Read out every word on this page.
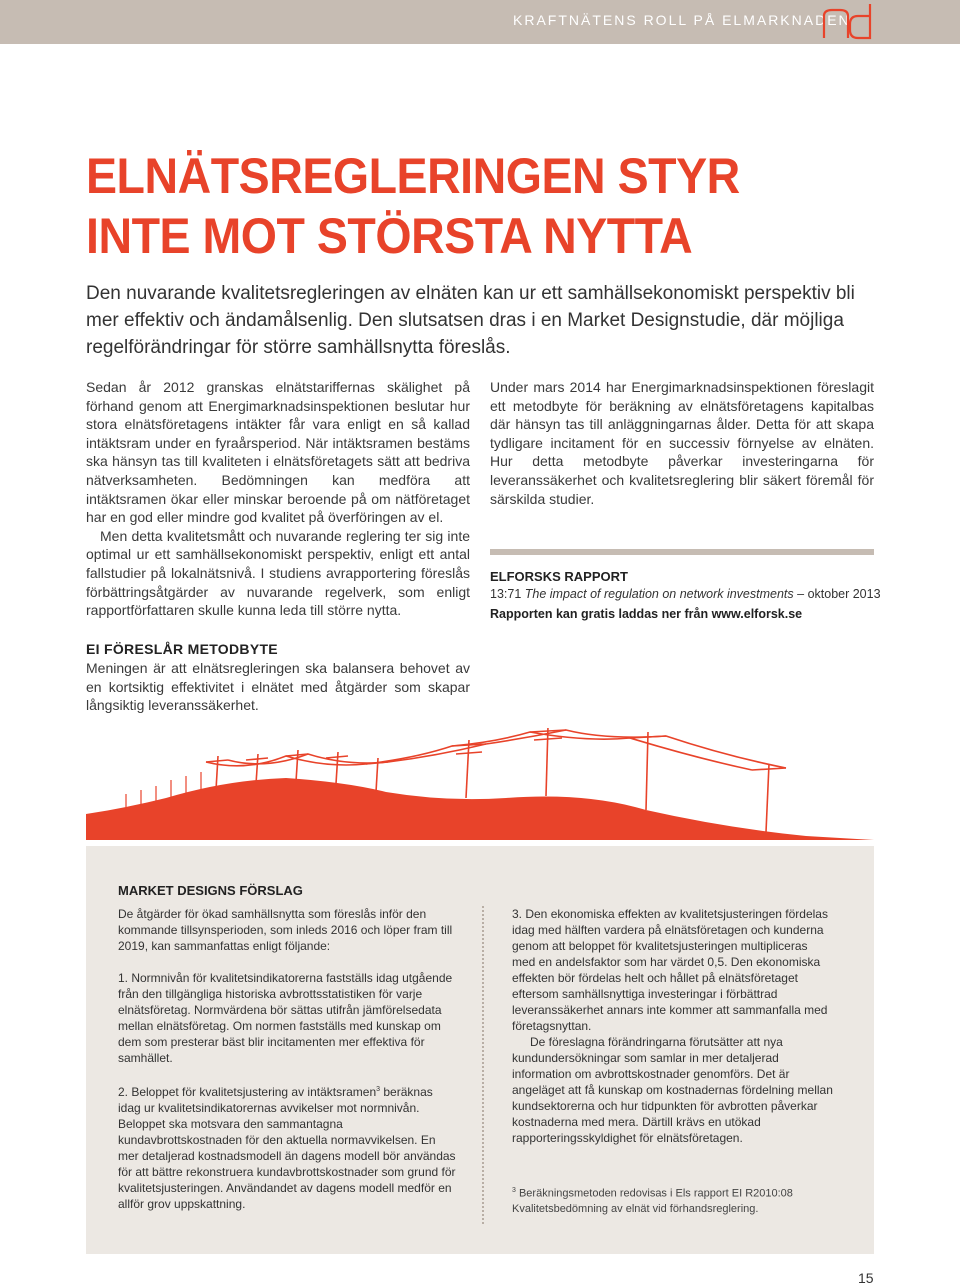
KRAFTNÄTENS ROLL PÅ ELMARKNADEN
ELNÄTSREGLERINGEN STYR
INTE MOT STÖRSTA NYTTA
Den nuvarande kvalitetsregleringen av elnäten kan ur ett samhällsekonomiskt perspektiv bli mer effektiv och ändamålsenlig. Den slutsatsen dras i en Market Designstudie, där möjliga regelförändringar för större samhällsnytta föreslås.

Sedan år 2012 granskas elnätstariffernas skälighet på förhand genom att Energimarknadsinspektionen beslutar hur stora elnätsföretagens intäkter får vara enligt en så kallad intäktsram under en fyraårsperiod. När intäktsramen bestäms ska hänsyn tas till kvaliteten i elnätsföretagets sätt att bedriva nätverksamheten. Bedömningen kan medföra att intäktsramen ökar eller minskar beroende på om nätföretaget har en god eller mindre god kvalitet på överföringen av el.

Men detta kvalitetsmått och nuvarande reglering ter sig inte optimal ur ett samhällsekonomiskt perspektiv, enligt ett antal fallstudier på lokalnätsnivå. I studiens avrapportering föreslås förbättringsåtgärder av nuvarande regelverk, som enligt rapportförfattaren skulle kunna leda till större nytta.

EI FÖRESLÅR METODBYTE
Meningen är att elnätsregleringen ska balansera behovet av en kortsiktig effektivitet i elnätet med åtgärder som skapar långsiktig leveranssäkerhet.

Under mars 2014 har Energimarknadsinspektionen föreslagit ett metodbyte för beräkning av elnätsföretagens kapitalbas där hänsyn tas till anläggningarnas ålder. Detta för att skapa tydligare incitament för en successiv förnyelse av elnäten. Hur detta metodbyte påverkar investeringarna för leveranssäkerhet och kvalitetsreglering blir säkert föremål för särskilda studier.

ELFORSKS RAPPORT
13:71 The impact of regulation on network investments – oktober 2013
Rapporten kan gratis laddas ner från www.elforsk.se
MARKET DESIGNS FÖRSLAG

De åtgärder för ökad samhällsnytta som föreslås inför den kommande tillsynsperioden, som inleds 2016 och löper fram till 2019, kan sammanfattas enligt följande:

1. Normnivån för kvalitetsindikatorerna fastställs idag utgående från den tillgängliga historiska avbrottsstatistiken för varje elnätsföretag. Normvärdena bör sättas utifrån jämförelsedata mellan elnätsföretag. Om normen fastställs med kunskap om dem som presterar bäst blir incitamenten mer effektiva för samhället.

2. Beloppet för kvalitetsjustering av intäktsramen$^3$ beräknas idag ur kvalitetsindikatorernas avvikelser mot normnivån. Beloppet ska motsvara den sammantagna kundavbrottskostnaden för den aktuella normavvikelsen. En mer detaljerad kostnadsmodell än dagens modell bör användas för att bättre rekonstruera kundavbrottskostnader som grund för kvalitetsjusteringen. Användandet av dagens modell medför en allför grov uppskattning.

3. Den ekonomiska effekten av kvalitetsjusteringen fördelas idag med hälften vardera på elnätsföretagen och kunderna genom att beloppet för kvalitetsjusteringen multipliceras med en andelsfaktor som har värdet 0,5. Den ekonomiska effekten bör fördelas helt och hållet på elnätsföretaget eftersom samhällsnyttiga investeringar i förbättrad leveranssäkerhet annars inte kommer att sammanfalla med företagsnyttan.

De föreslagna förändringarna förutsätter att nya kundundersökningar som samlar in mer detaljerad information om avbrottskostnader genomförs. Det är angeläget att få kunskap om kostnadernas fördelning mellan kundsektorerna och hur tidpunkten för avbrotten påverkar kostnaderna med mera. Därtill krävs en utökad rapporteringsskyldighet för elnätsföretagen.

$^3$ Beräkningsmetoden redovisas i Els rapport EI R2010:08 Kvalitetsbedömning av elnät vid förhandsreglering.
15
